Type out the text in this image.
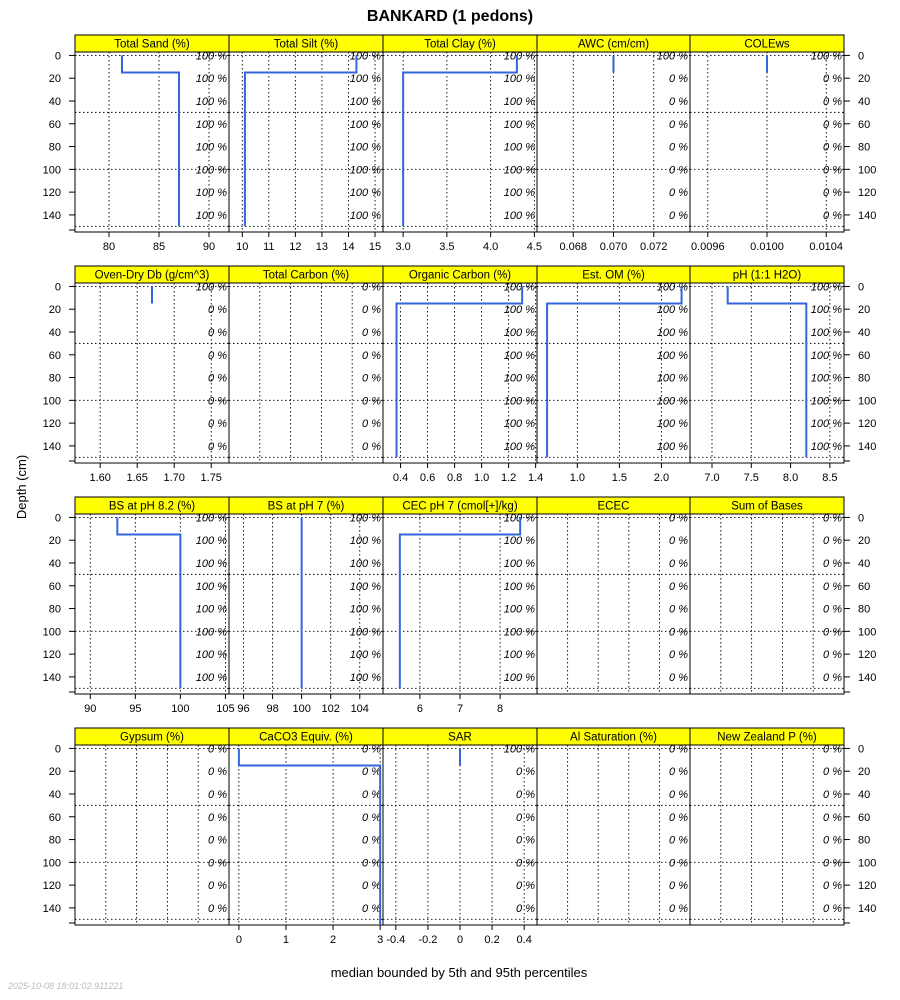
BANKARD (1 pedons)
Depth (cm)
median bounded by 5th and 95th percentiles
2025-10-08 18:01:02.911221
Total Sand (%)
100 %
100 %
100 %
100 %
100 %
100 %
100 %
100 %
80	85	90
0
20
40
60
80
100
120
140
Total Silt (%)
100 %
100 %
100 %
100 %
100 %
100 %
100 %
100 %
10 11 12 13 14 15
Total Clay (%)
100 %
100 %
100 %
100 %
100 %
100 %
100 %
100 %
3.0	3.5	4.0	4.5
AWC (cm/cm)
100 %
0 %
0 %
0 %
0 %
0 %
0 %
0 %
0.068 0.070 0.072
COLEws
100 %
0 %
0 %
0 %
0 %
0 %
0 %
0 %
0.0096 0.0100 0.0104
0
20
40
60
80
100
120
140
Oven-Dry Db (g/cm^3)
100 %
0 %
0 %
0 %
0 %
0 %
0 %
0 %
1.60 1.65 1.70 1.75
0
20
40
60
80
100
120
140
Total Carbon (%)
0 %
0 %
0 %
0 %
0 %
0 %
0 %
0 %
Organic Carbon (%)
100 %
100 %
100 %
100 %
100 %
100 %
100 %
100 %
0.4 0.6 0.8 1.0 1.2 1.4
Est. OM (%)
100 %
100 %
100 %
100 %
100 %
100 %
100 %
100 %
1.0 1.5 2.0
pH (1:1 H2O)
100 %
100 %
100 %
100 %
100 %
100 %
100 %
100 %
7.0 7.5 8.0 8.5
0
20
40
60
80
100
120
140
BS at pH 8.2 (%)
100 %
100 %
100 %
100 %
100 %
100 %
100 %
100 %
90	95	100 105
0
20
40
60
80
100
120
140
BS at pH 7 (%)
100 %
100 %
100 %
100 %
100 %
100 %
100 %
100 %
96 98 100 102 104
CEC pH 7 (cmol[+]/kg)
100 %
100 %
100 %
100 %
100 %
100 %
100 %
100 %
6	7	8
ECEC
0 %
0 %
0 %
0 %
0 %
0 %
0 %
0 %
Sum of Bases
0 %
0 %
0 %
0 %
0 %
0 %
0 %
0 %
0
20
40
60
80
100
120
140
Gypsum (%)
0 %
0 %
0 %
0 %
0 %
0 %
0 %
0 %
0
20
40
60
80
100
120
140
CaCO3 Equiv. (%)
0 %
0 %
0 %
0 %
0 %
0 %
0 %
0 %
0	1	2	3
SAR
100 %
0 %
0 %
0 %
0 %
0 %
0 %
0 %
-0.4 -0.2 0 0.2 0.4
Al Saturation (%)
0 %
0 %
0 %
0 %
0 %
0 %
0 %
0 %
New Zealand P (%)
0 %
0 %
0 %
0 %
0 %
0 %
0 %
0 %
0
20
40
60
80
100
120
140
